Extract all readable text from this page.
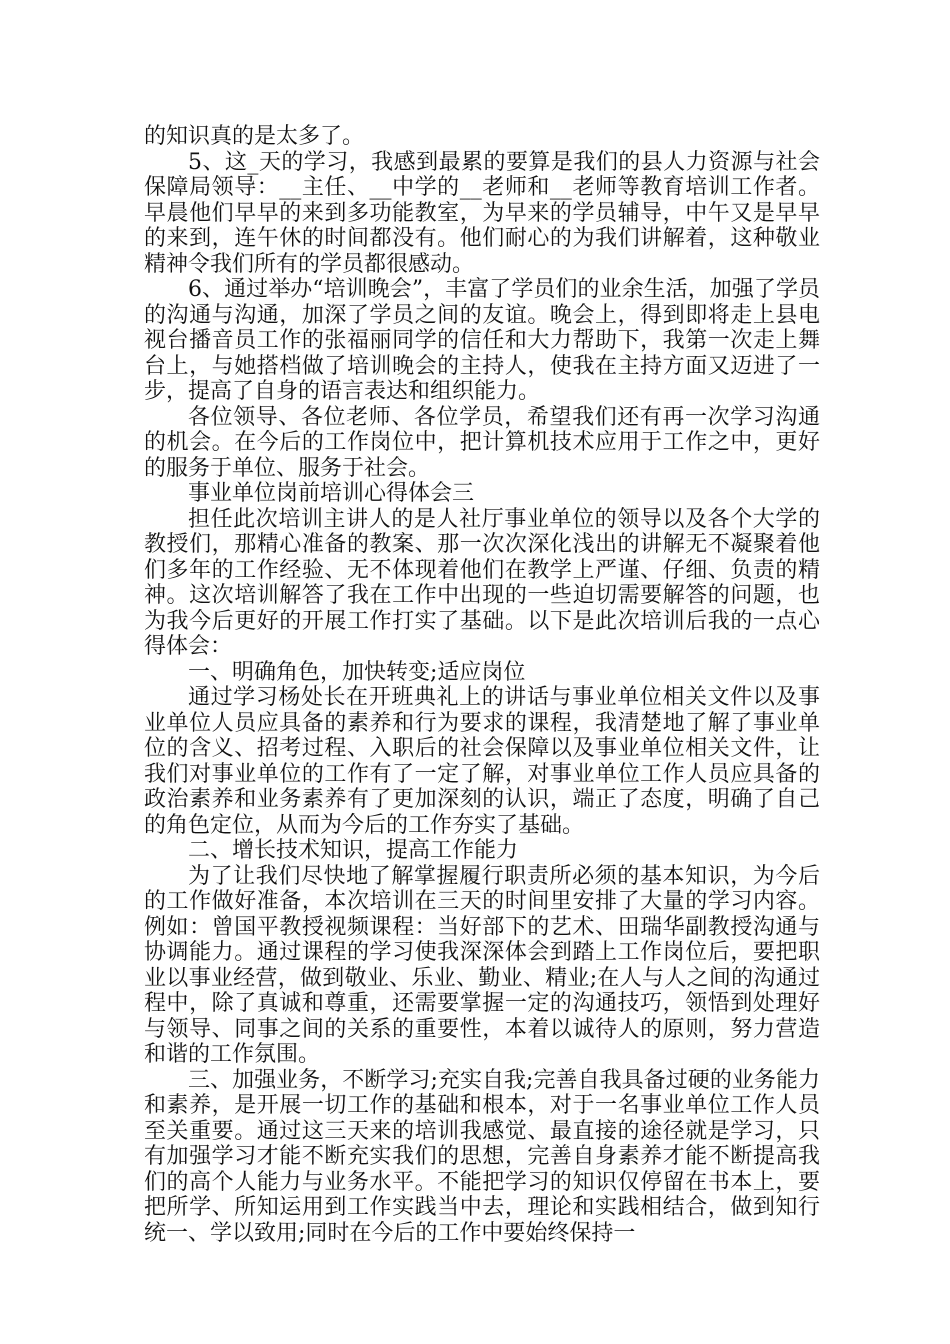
的知识真的是太多了。

5、这_天的学习，我感到最累的要算是我们的县人力资源与社会保障局领导：__主任、__中学的__老师和__老师等教育培训工作者。早晨他们早早的来到多功能教室，为早来的学员辅导，中午又是早早的来到，连午休的时间都没有。他们耐心的为我们讲解着，这种敬业精神令我们所有的学员都很感动。

6、通过举办“培训晚会”，丰富了学员们的业余生活，加强了学员的沟通与沟通，加深了学员之间的友谊。晚会上，得到即将走上县电视台播音员工作的张福丽同学的信任和大力帮助下，我第一次走上舞台上，与她搭档做了培训晚会的主持人，使我在主持方面又迈进了一步，提高了自身的语言表达和组织能力。

各位领导、各位老师、各位学员，希望我们还有再一次学习沟通的机会。在今后的工作岗位中，把计算机技术应用于工作之中，更好的服务于单位、服务于社会。

事业单位岗前培训心得体会三

担任此次培训主讲人的是人社厅事业单位的领导以及各个大学的教授们，那精心准备的教案、那一次次深化浅出的讲解无不凝聚着他们多年的工作经验、无不体现着他们在教学上严谨、仔细、负责的精神。这次培训解答了我在工作中出现的一些迫切需要解答的问题，也为我今后更好的开展工作打实了基础。以下是此次培训后我的一点心得体会：

一、明确角色，加快转变;适应岗位

通过学习杨处长在开班典礼上的讲话与事业单位相关文件以及事业单位人员应具备的素养和行为要求的课程，我清楚地了解了事业单位的含义、招考过程、入职后的社会保障以及事业单位相关文件，让我们对事业单位的工作有了一定了解，对事业单位工作人员应具备的政治素养和业务素养有了更加深刻的认识，端正了态度，明确了自己的角色定位，从而为今后的工作夯实了基础。

二、增长技术知识，提高工作能力

为了让我们尽快地了解掌握履行职责所必须的基本知识，为今后的工作做好准备，本次培训在三天的时间里安排了大量的学习内容。例如：曾国平教授视频课程：当好部下的艺术、田瑞华副教授沟通与协调能力。通过课程的学习使我深深体会到踏上工作岗位后，要把职业以事业经营，做到敬业、乐业、勤业、精业;在人与人之间的沟通过程中，除了真诚和尊重，还需要掌握一定的沟通技巧，领悟到处理好与领导、同事之间的关系的重要性，本着以诚待人的原则，努力营造和谐的工作氛围。

三、加强业务，不断学习;充实自我;完善自我具备过硬的业务能力和素养，是开展一切工作的基础和根本，对于一名事业单位工作人员至关重要。通过这三天来的培训我感觉、最直接的途径就是学习，只有加强学习才能不断充实我们的思想，完善自身素养才能不断提高我们的高个人能力与业务水平。不能把学习的知识仅停留在书本上，要把所学、所知运用到工作实践当中去，理论和实践相结合，做到知行统一、学以致用;同时在今后的工作中要始终保持一
